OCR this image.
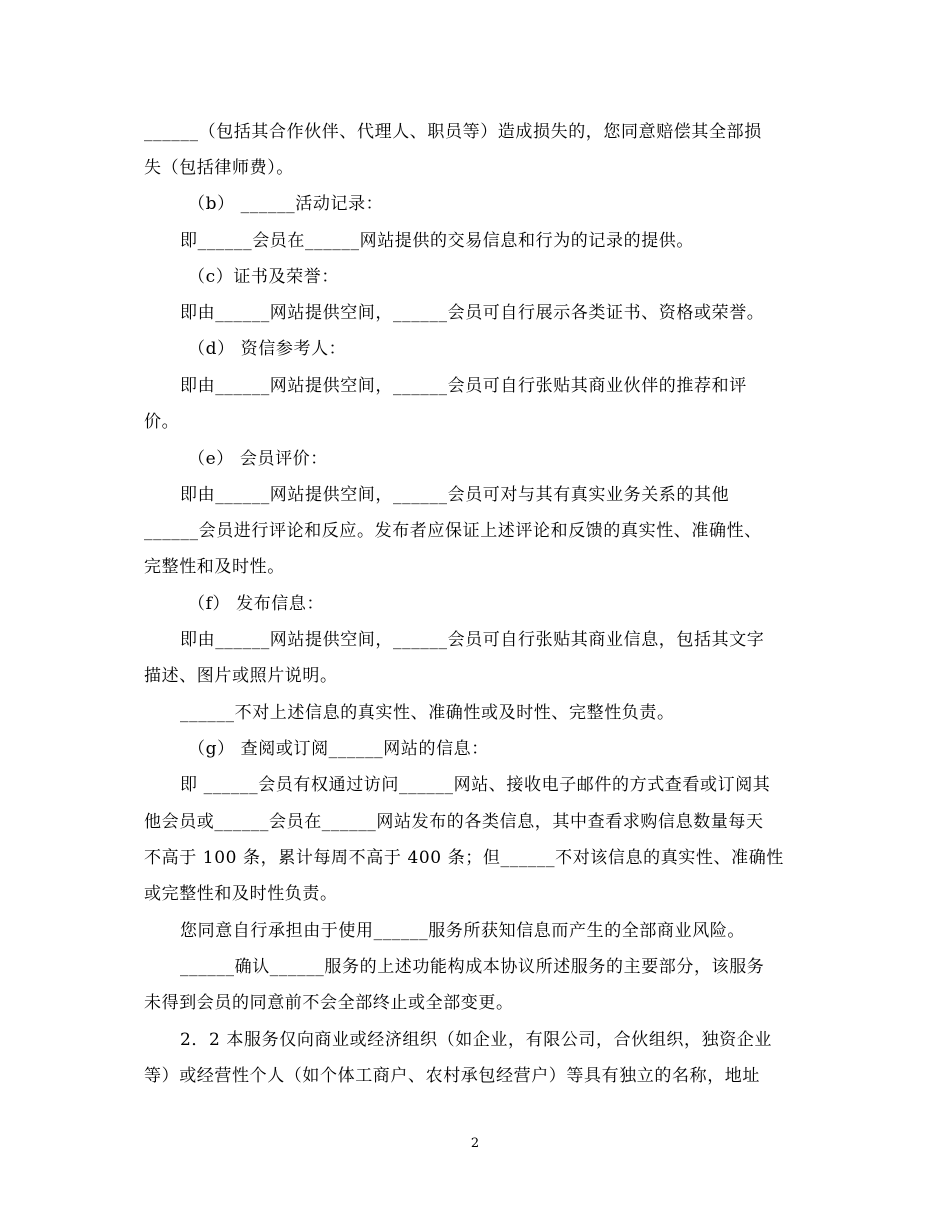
______（包括其合作伙伴、代理人、职员等）造成损失的，您同意赔偿其全部损
失（包括律师费）。
（b） ______活动记录：
即______会员在______网站提供的交易信息和行为的记录的提供。
（c）证书及荣誉：
即由______网站提供空间，______会员可自行展示各类证书、资格或荣誉。
（d） 资信参考人：
即由______网站提供空间，______会员可自行张贴其商业伙伴的推荐和评
价。
（e） 会员评价：
即由______网站提供空间，______会员可对与其有真实业务关系的其他
______会员进行评论和反应。发布者应保证上述评论和反馈的真实性、准确性、
完整性和及时性。
（f） 发布信息：
即由______网站提供空间，______会员可自行张贴其商业信息，包括其文字
描述、图片或照片说明。
______不对上述信息的真实性、准确性或及时性、完整性负责。
（g） 查阅或订阅______网站的信息：
即 ______会员有权通过访问______网站、接收电子邮件的方式查看或订阅其
他会员或______会员在______网站发布的各类信息，其中查看求购信息数量每天
不高于 100 条，累计每周不高于 400 条；但______不对该信息的真实性、准确性
或完整性和及时性负责。
您同意自行承担由于使用______服务所获知信息而产生的全部商业风险。
______确认______服务的上述功能构成本协议所述服务的主要部分，该服务
未得到会员的同意前不会全部终止或全部变更。
2．2 本服务仅向商业或经济组织（如企业，有限公司，合伙组织，独资企业
等）或经营性个人（如个体工商户、农村承包经营户）等具有独立的名称，地址
2
